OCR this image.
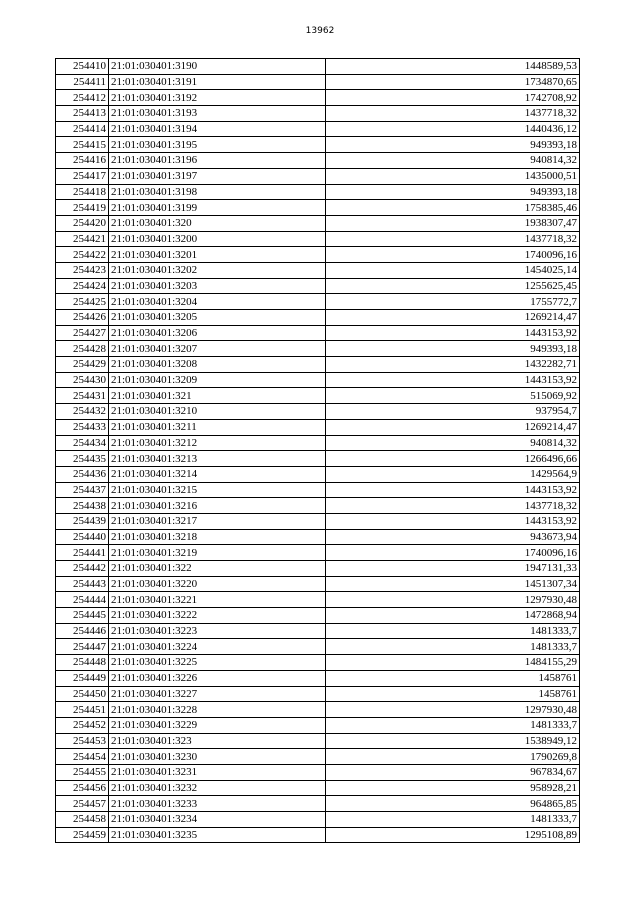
13962
254410	21:01:030401:3190	1448589,53
254411	21:01:030401:3191	1734870,65
254412	21:01:030401:3192	1742708,92
254413	21:01:030401:3193	1437718,32
254414	21:01:030401:3194	1440436,12
254415	21:01:030401:3195	949393,18
254416	21:01:030401:3196	940814,32
254417	21:01:030401:3197	1435000,51
254418	21:01:030401:3198	949393,18
254419	21:01:030401:3199	1758385,46
254420	21:01:030401:320	1938307,47
254421	21:01:030401:3200	1437718,32
254422	21:01:030401:3201	1740096,16
254423	21:01:030401:3202	1454025,14
254424	21:01:030401:3203	1255625,45
254425	21:01:030401:3204	1755772,7
254426	21:01:030401:3205	1269214,47
254427	21:01:030401:3206	1443153,92
254428	21:01:030401:3207	949393,18
254429	21:01:030401:3208	1432282,71
254430	21:01:030401:3209	1443153,92
254431	21:01:030401:321	515069,92
254432	21:01:030401:3210	937954,7
254433	21:01:030401:3211	1269214,47
254434	21:01:030401:3212	940814,32
254435	21:01:030401:3213	1266496,66
254436	21:01:030401:3214	1429564,9
254437	21:01:030401:3215	1443153,92
254438	21:01:030401:3216	1437718,32
254439	21:01:030401:3217	1443153,92
254440	21:01:030401:3218	943673,94
254441	21:01:030401:3219	1740096,16
254442	21:01:030401:322	1947131,33
254443	21:01:030401:3220	1451307,34
254444	21:01:030401:3221	1297930,48
254445	21:01:030401:3222	1472868,94
254446	21:01:030401:3223	1481333,7
254447	21:01:030401:3224	1481333,7
254448	21:01:030401:3225	1484155,29
254449	21:01:030401:3226	1458761
254450	21:01:030401:3227	1458761
254451	21:01:030401:3228	1297930,48
254452	21:01:030401:3229	1481333,7
254453	21:01:030401:323	1538949,12
254454	21:01:030401:3230	1790269,8
254455	21:01:030401:3231	967834,67
254456	21:01:030401:3232	958928,21
254457	21:01:030401:3233	964865,85
254458	21:01:030401:3234	1481333,7
254459	21:01:030401:3235	1295108,89
